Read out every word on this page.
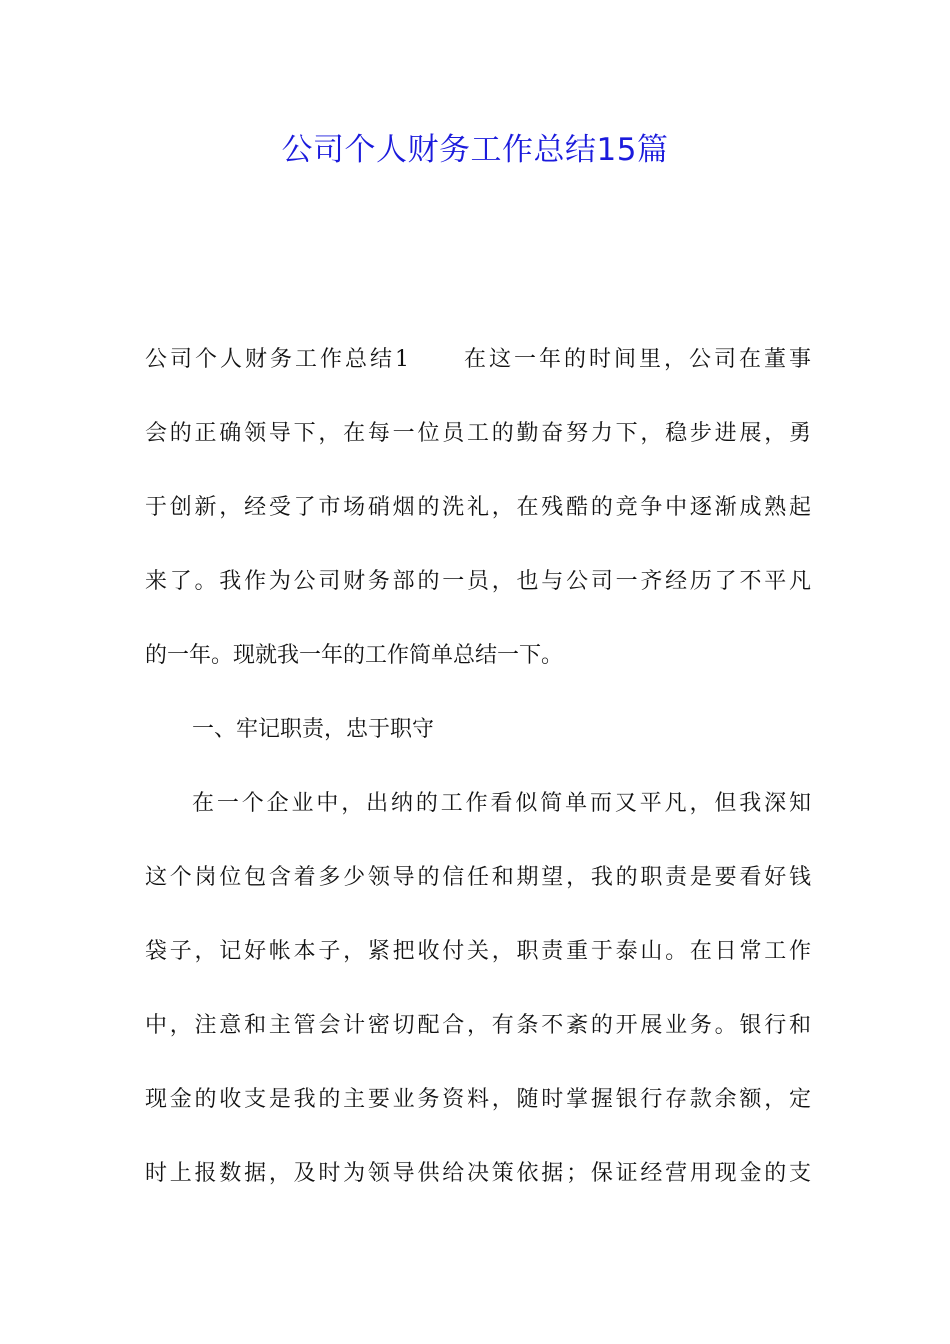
公司个人财务工作总结15篇
公司个人财务工作总结1 在这一年的时间里，公司在董事
会的正确领导下，在每一位员工的勤奋努力下，稳步进展，勇
于创新，经受了市场硝烟的洗礼，在残酷的竞争中逐渐成熟起
来了。我作为公司财务部的一员，也与公司一齐经历了不平凡
的一年。现就我一年的工作简单总结一下。
一、牢记职责，忠于职守
在一个企业中，出纳的工作看似简单而又平凡，但我深知
这个岗位包含着多少领导的信任和期望，我的职责是要看好钱
袋子，记好帐本子，紧把收付关，职责重于泰山。在日常工作
中，注意和主管会计密切配合，有条不紊的开展业务。银行和
现金的收支是我的主要业务资料，随时掌握银行存款余额，定
时上报数据，及时为领导供给决策依据；保证经营用现金的支
